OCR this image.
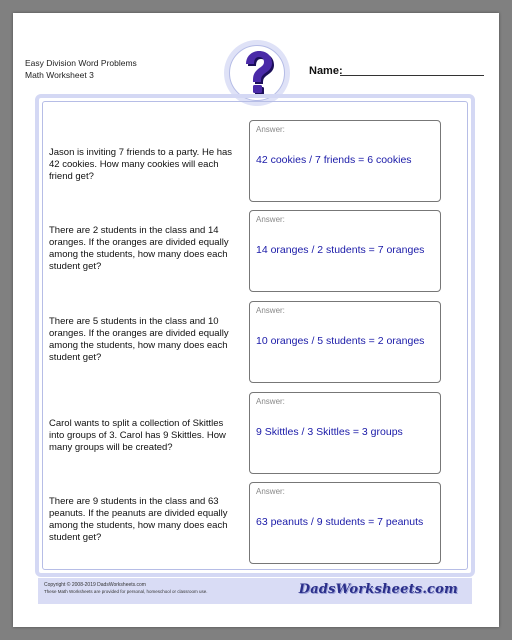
Easy Division Word Problems
Math Worksheet 3	Name:
Jason is inviting 7 friends to a party. He has 42 cookies. How many cookies will each friend get?
Answer:
42 cookies / 7 friends = 6 cookies
There are 2 students in the class and 14 oranges. If the oranges are divided equally among the students, how many does each student get?
Answer:
14 oranges / 2 students = 7 oranges
There are 5 students in the class and 10 oranges. If the oranges are divided equally among the students, how many does each student get?
Answer:
10 oranges / 5 students = 2 oranges
Carol wants to split a collection of Skittles into groups of 3. Carol has 9 Skittles. How many groups will be created?
Answer:
9 Skittles / 3 Skittles = 3 groups
There are 9 students in the class and 63 peanuts. If the peanuts are divided equally among the students, how many does each student get?
Answer:
63 peanuts / 9 students = 7 peanuts
Copyright © 2008-2019 DadsWorksheets.com
These Math Worksheets are provided for personal, homeschool or classroom use.	DadsWorksheets.com
